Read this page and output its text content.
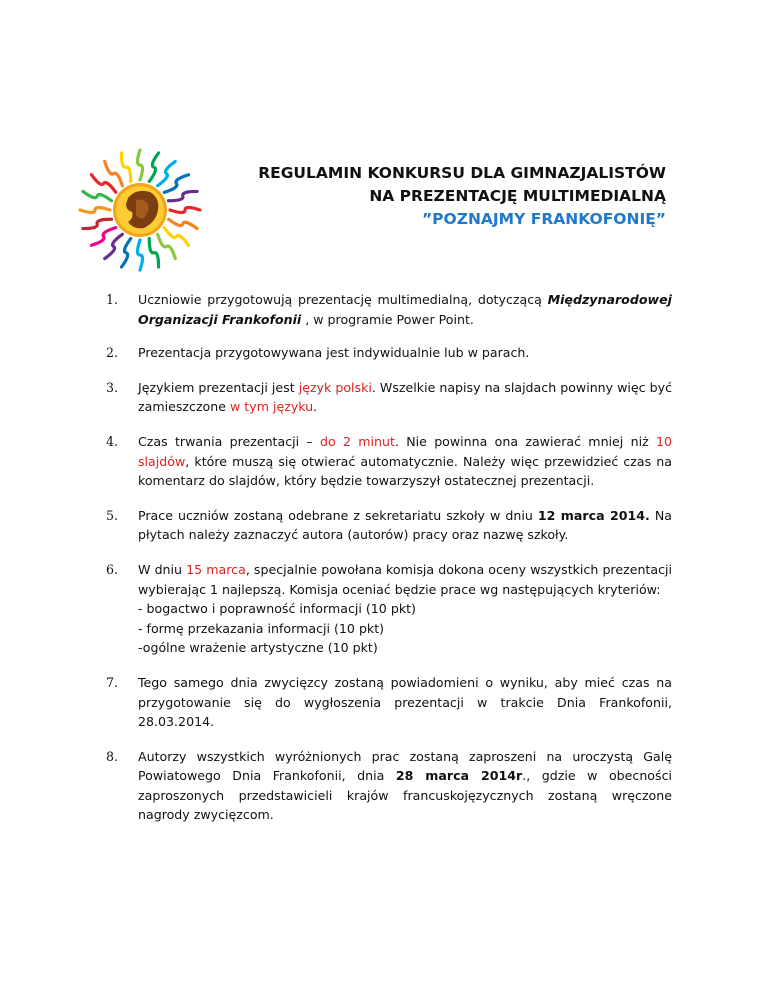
REGULAMIN KONKURSU DLA GIMNAZJALISTÓW
NA PREZENTACJĘ MULTIMEDIALNĄ
”POZNAJMY FRANKOFONIĘ”
1. Uczniowie przygotowują prezentację multimedialną, dotyczącą Międzynarodowej Organizacji Frankofonii , w programie Power Point.
2. Prezentacja przygotowywana jest indywidualnie lub w parach.
3. Językiem prezentacji jest język polski. Wszelkie napisy na slajdach powinny więc być zamieszczone w tym języku.
4. Czas trwania prezentacji – do 2 minut. Nie powinna ona zawierać mniej niż 10 slajdów, które muszą się otwierać automatycznie. Należy więc przewidzieć czas na komentarz do slajdów, który będzie towarzyszył ostatecznej prezentacji.
5. Prace uczniów zostaną odebrane z sekretariatu szkoły w dniu 12 marca 2014. Na płytach należy zaznaczyć autora (autorów) pracy oraz nazwę szkoły.
6. W dniu 15 marca, specjalnie powołana komisja dokona oceny wszystkich prezentacji wybierając 1 najlepszą. Komisja oceniać będzie prace wg następujących kryteriów:
- bogactwo i poprawność informacji (10 pkt)
- formę przekazania informacji (10 pkt)
-ogólne wrażenie artystyczne (10 pkt)
7. Tego samego dnia zwycięzcy zostaną powiadomieni o wyniku, aby mieć czas na przygotowanie się do wygłoszenia prezentacji w trakcie Dnia Frankofonii, 28.03.2014.
8. Autorzy wszystkich wyróżnionych prac zostaną zaproszeni na uroczystą Galę Powiatowego Dnia Frankofonii, dnia 28 marca 2014r., gdzie w obecności zaproszonych przedstawicieli krajów francuskojęzycznych zostaną wręczone nagrody zwycięzcom.
